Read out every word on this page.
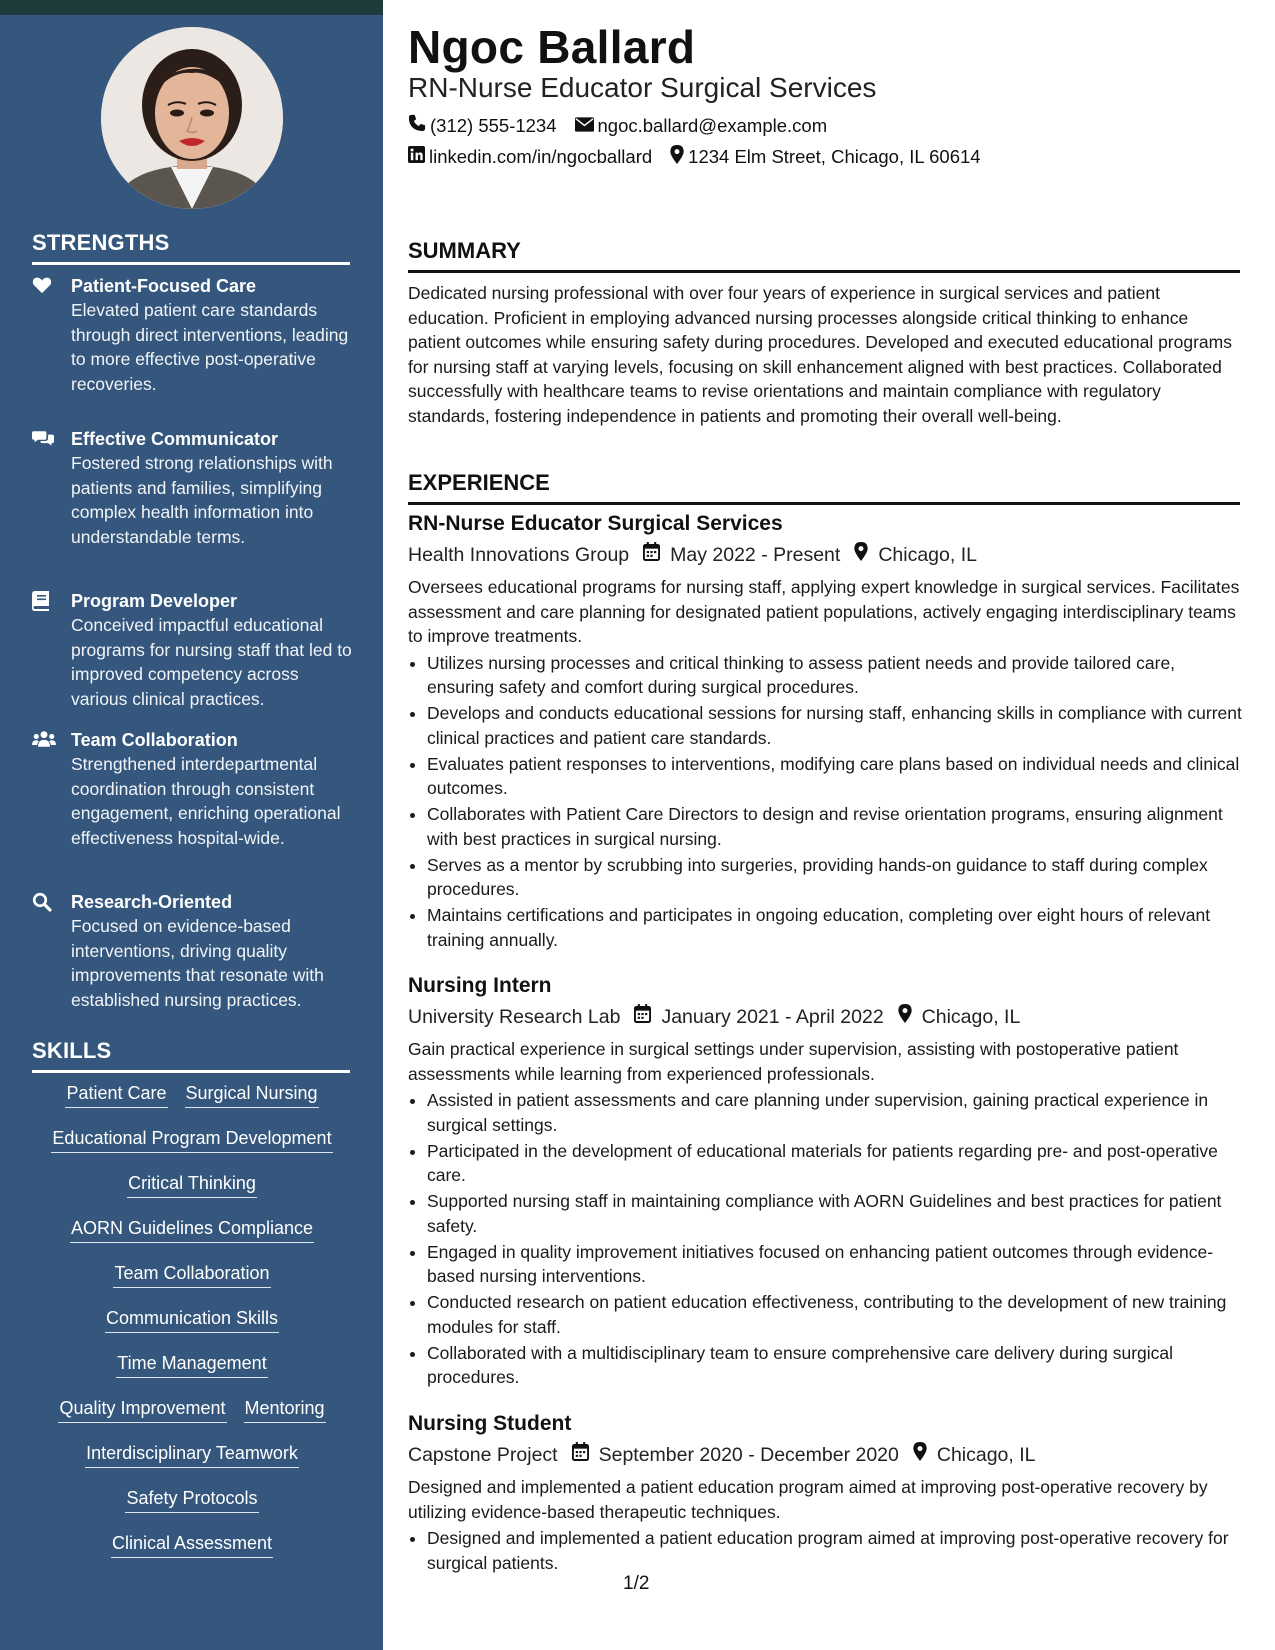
STRENGTHS
Patient-Focused Care
Elevated patient care standards through direct interventions, leading to more effective post-operative recoveries.
Effective Communicator
Fostered strong relationships with patients and families, simplifying complex health information into understandable terms.
Program Developer
Conceived impactful educational programs for nursing staff that led to improved competency across various clinical practices.
Team Collaboration
Strengthened interdepartmental coordination through consistent engagement, enriching operational effectiveness hospital-wide.
Research-Oriented
Focused on evidence-based interventions, driving quality improvements that resonate with established nursing practices.
SKILLS
Patient Care Surgical Nursing
Educational Program Development
Critical Thinking
AORN Guidelines Compliance
Team Collaboration
Communication Skills
Time Management
Quality Improvement Mentoring
Interdisciplinary Teamwork
Safety Protocols
Clinical Assessment
Ngoc Ballard
RN-Nurse Educator Surgical Services
(312) 555-1234 ngoc.ballard@example.com
linkedin.com/in/ngocballard 1234 Elm Street, Chicago, IL 60614
SUMMARY
Dedicated nursing professional with over four years of experience in surgical services and patient education. Proficient in employing advanced nursing processes alongside critical thinking to enhance patient outcomes while ensuring safety during procedures. Developed and executed educational programs for nursing staff at varying levels, focusing on skill enhancement aligned with best practices. Collaborated successfully with healthcare teams to revise orientations and maintain compliance with regulatory standards, fostering independence in patients and promoting their overall well-being.
EXPERIENCE
RN-Nurse Educator Surgical Services
Health Innovations Group May 2022 - Present Chicago, IL
Oversees educational programs for nursing staff, applying expert knowledge in surgical services. Facilitates assessment and care planning for designated patient populations, actively engaging interdisciplinary teams to improve treatments.
• Utilizes nursing processes and critical thinking to assess patient needs and provide tailored care, ensuring safety and comfort during surgical procedures.
• Develops and conducts educational sessions for nursing staff, enhancing skills in compliance with current clinical practices and patient care standards.
• Evaluates patient responses to interventions, modifying care plans based on individual needs and clinical outcomes.
• Collaborates with Patient Care Directors to design and revise orientation programs, ensuring alignment with best practices in surgical nursing.
• Serves as a mentor by scrubbing into surgeries, providing hands-on guidance to staff during complex procedures.
• Maintains certifications and participates in ongoing education, completing over eight hours of relevant training annually.
Nursing Intern
University Research Lab January 2021 - April 2022 Chicago, IL
Gain practical experience in surgical settings under supervision, assisting with postoperative patient assessments while learning from experienced professionals.
• Assisted in patient assessments and care planning under supervision, gaining practical experience in surgical settings.
• Participated in the development of educational materials for patients regarding pre- and post-operative care.
• Supported nursing staff in maintaining compliance with AORN Guidelines and best practices for patient safety.
• Engaged in quality improvement initiatives focused on enhancing patient outcomes through evidence-based nursing interventions.
• Conducted research on patient education effectiveness, contributing to the development of new training modules for staff.
• Collaborated with a multidisciplinary team to ensure comprehensive care delivery during surgical procedures.
Nursing Student
Capstone Project September 2020 - December 2020 Chicago, IL
Designed and implemented a patient education program aimed at improving post-operative recovery by utilizing evidence-based therapeutic techniques.
• Designed and implemented a patient education program aimed at improving post-operative recovery for surgical patients.
1/2
